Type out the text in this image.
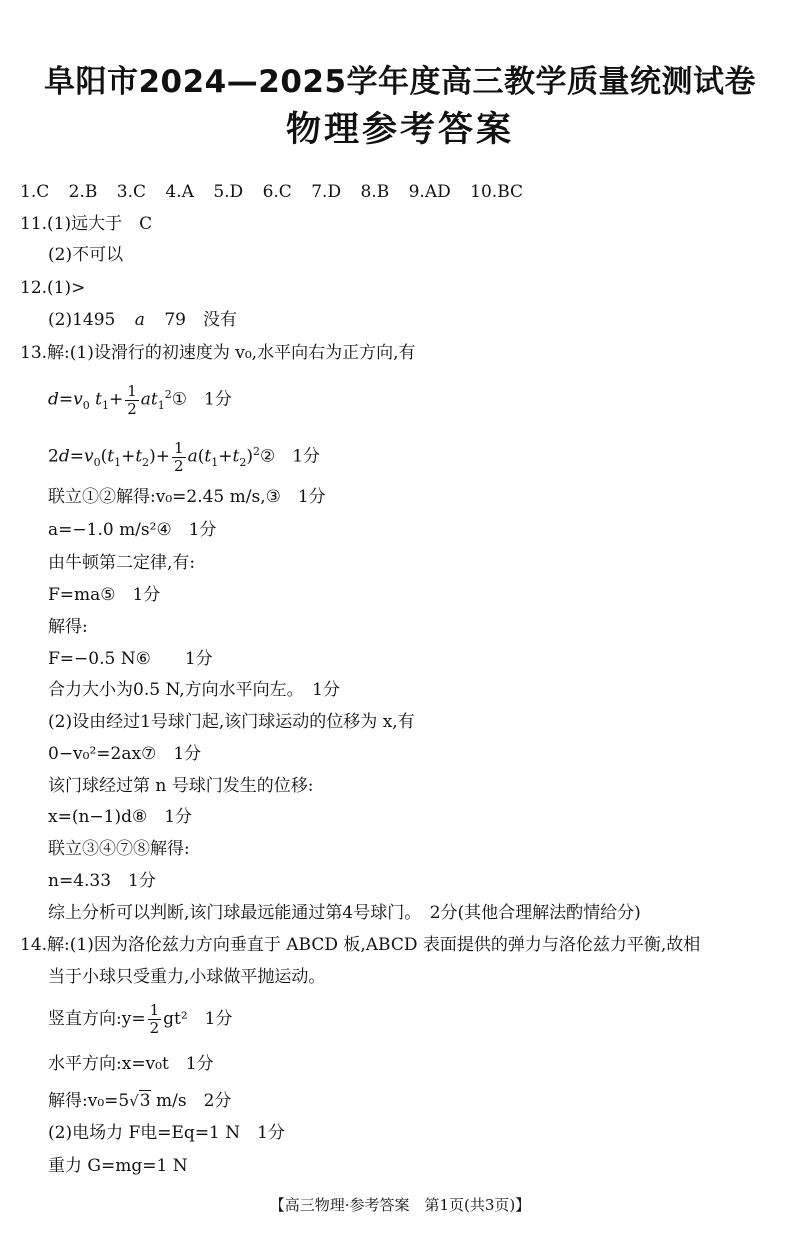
阜阳市2024—2025学年度高三教学质量统测试卷
物理参考答案
1.C 2.B 3.C 4.A 5.D 6.C 7.D 8.B 9.AD 10.BC
11.(1)远大于　C
(2)不可以
12.(1)>
(2)1495 a 79　没有
13.解:(1)设滑行的初速度为 v₀,水平向右为正方向,有
$d=v_0$ $t_1+ \frac{1}{2}$ $at_1^2①$　1分
$2d=v_0(t_1+t_2)+ \frac{1}{2}$ $a(t_1+t_2)^2②$　1分
联立①②解得:v₀=2.45 m/s,③　1分
a=−1.0 m/s²④　1分
由牛顿第二定律,有:
F=ma⑤　1分
解得:
F=−0.5 N⑥　　1分
合力大小为0.5 N,方向水平向左。　1分
(2)设由经过1号球门起,该门球运动的位移为 x,有
0−v₀²=2ax⑦　1分
该门球经过第 n 号球门发生的位移:
x=(n−1)d⑧　1分
联立③④⑦⑧解得:
n=4.33　1分
综上分析可以判断,该门球最远能通过第4号球门。　2分(其他合理解法酌情给分)
14.解:(1)因为洛伦兹力方向垂直于 ABCD 板,ABCD 表面提供的弹力与洛伦兹力平衡,故相
当于小球只受重力,小球做平抛运动。
竖直方向:y= $\frac{1}{2} gt^2$　1分
水平方向:x=v₀t　1分
解得:v₀=5√3 m/s　2分
(2)电场力 F电=Eq=1 N　1分
重力 G=mg=1 N
【高三物理·参考答案　第1页(共3页)】
